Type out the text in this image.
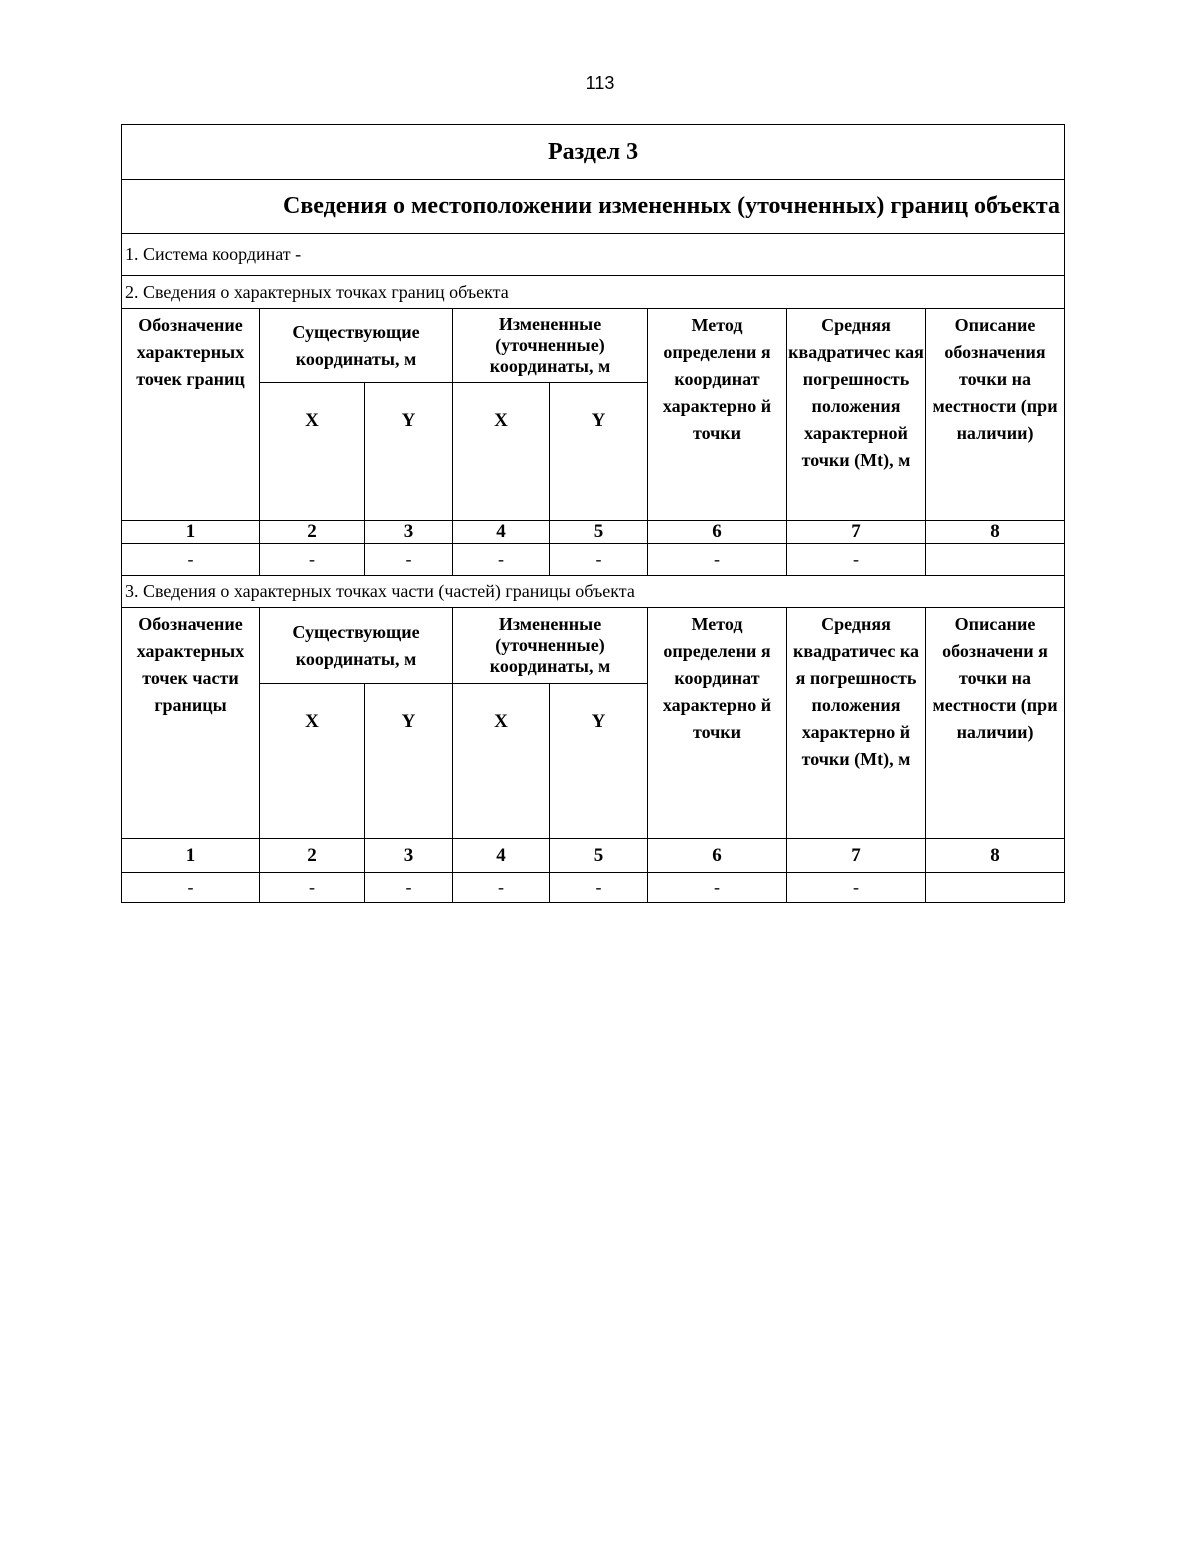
113
Раздел 3							
Сведения о местоположении измененных (уточненных) границ объекта							
1. Система координат -							
2. Сведения о характерных точках границ объекта							
Обозначение характерных точек границ	Существующие координаты, м		Измененные (уточненные) координаты, м		Метод определени я координат характерно й точки	Средняя квадратичес кая погрешность положения характерной точки (Mt), м	Описание обозначения точки на местности (при наличии)
	X	Y	X	Y			
1	2	3	4	5	6	7	8
-	-	-	-	-	-	-	
3. Сведения о характерных точках части (частей) границы объекта							
Обозначение характерных точек части границы	Существующие координаты, м		Измененные (уточненные) координаты, м		Метод определени я координат характерно й точки	Средняя квадратичес ка я погрешность положения характерно й точки (Mt), м	Описание обозначени я точки на местности (при наличии)
	X	Y	X	Y			
1	2	3	4	5	6	7	8
-	-	-	-	-	-	-	
